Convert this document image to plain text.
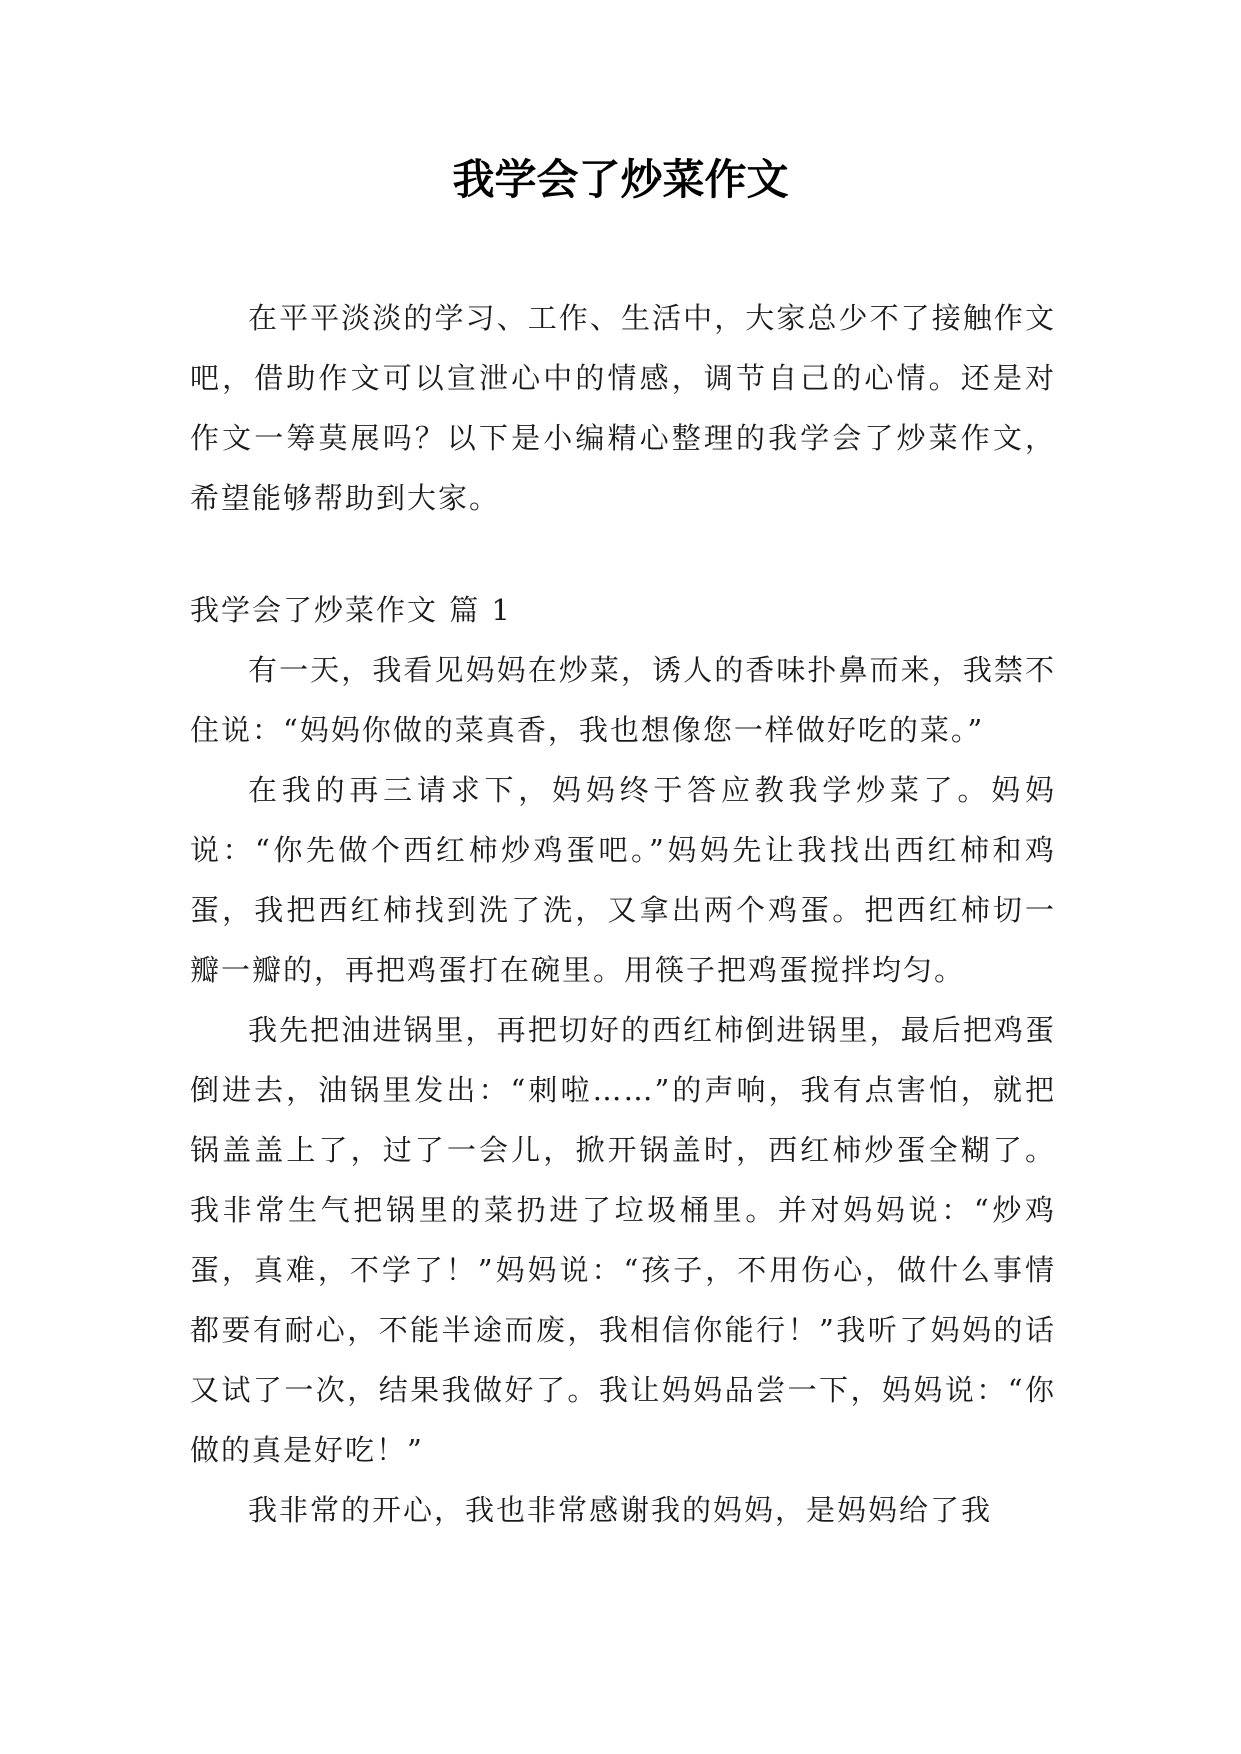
我学会了炒菜作文

在平平淡淡的学习、工作、生活中，大家总少不了接触作文吧，借助作文可以宣泄心中的情感，调节自己的心情。还是对作文一筹莫展吗？以下是小编精心整理的我学会了炒菜作文，希望能够帮助到大家。

我学会了炒菜作文 篇 1

有一天，我看见妈妈在炒菜，诱人的香味扑鼻而来，我禁不住说：“妈妈你做的菜真香，我也想像您一样做好吃的菜。”

在我的再三请求下，妈妈终于答应教我学炒菜了。妈妈说：“你先做个西红柿炒鸡蛋吧。”妈妈先让我找出西红柿和鸡蛋，我把西红柿找到洗了洗，又拿出两个鸡蛋。把西红柿切一瓣一瓣的，再把鸡蛋打在碗里。用筷子把鸡蛋搅拌均匀。

我先把油进锅里，再把切好的西红柿倒进锅里，最后把鸡蛋倒进去，油锅里发出：“刺啦……”的声响，我有点害怕，就把锅盖盖上了，过了一会儿，掀开锅盖时，西红柿炒蛋全糊了。我非常生气把锅里的菜扔进了垃圾桶里。并对妈妈说：“炒鸡蛋，真难，不学了！”妈妈说：“孩子，不用伤心，做什么事情都要有耐心，不能半途而废，我相信你能行！”我听了妈妈的话又试了一次，结果我做好了。我让妈妈品尝一下，妈妈说：“你做的真是好吃！”

我非常的开心，我也非常感谢我的妈妈，是妈妈给了我
